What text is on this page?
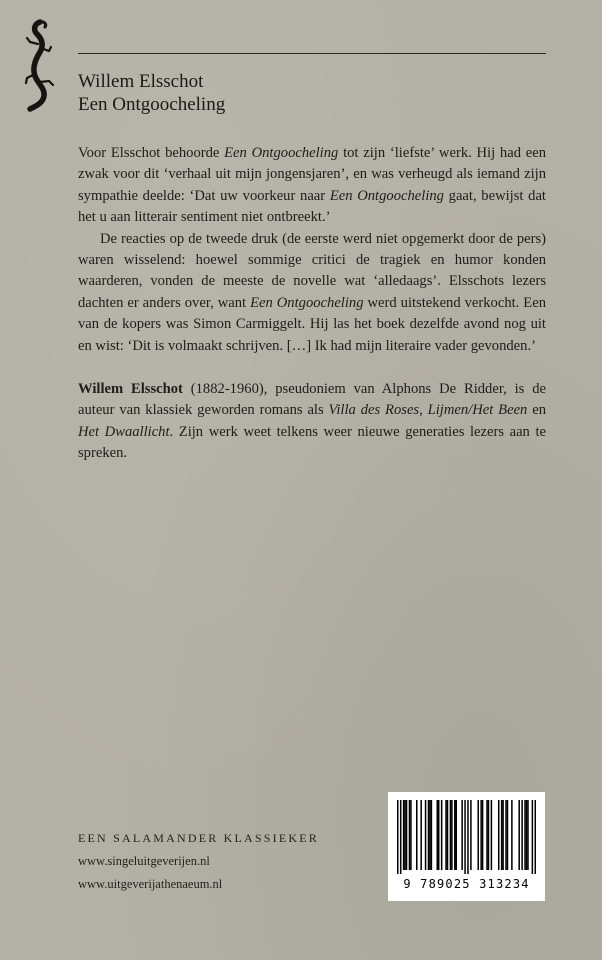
Willem Elsschot
Een Ontgoocheling

Voor Elsschot behoorde Een Ontgoocheling tot zijn ‘liefste’ werk. Hij had een zwak voor dit ‘verhaal uit mijn jongensjaren’, en was verheugd als iemand zijn sympathie deelde: ‘Dat uw voorkeur naar Een Ontgoocheling gaat, bewijst dat het u aan litterair sentiment niet ontbreekt.’

De reacties op de tweede druk (de eerste werd niet opgemerkt door de pers) waren wisselend: hoewel sommige critici de tragiek en humor konden waarderen, vonden de meeste de novelle wat ‘alledaags’. Elsschots lezers dachten er anders over, want Een Ontgoocheling werd uitstekend verkocht. Een van de kopers was Simon Carmiggelt. Hij las het boek dezelfde avond nog uit en wist: ‘Dit is volmaakt schrijven. […] Ik had mijn literaire vader gevonden.’

Willem Elsschot (1882-1960), pseudoniem van Alphons De Ridder, is de auteur van klassiek geworden romans als Villa des Roses, Lijmen/Het Been en Het Dwaallicht. Zijn werk weet telkens weer nieuwe generaties lezers aan te spreken.

EEN SALAMANDER KLASSIEKER
www.singeluitgeverijen.nl
www.uitgeverijathenaeum.nl	9 789025 313234
